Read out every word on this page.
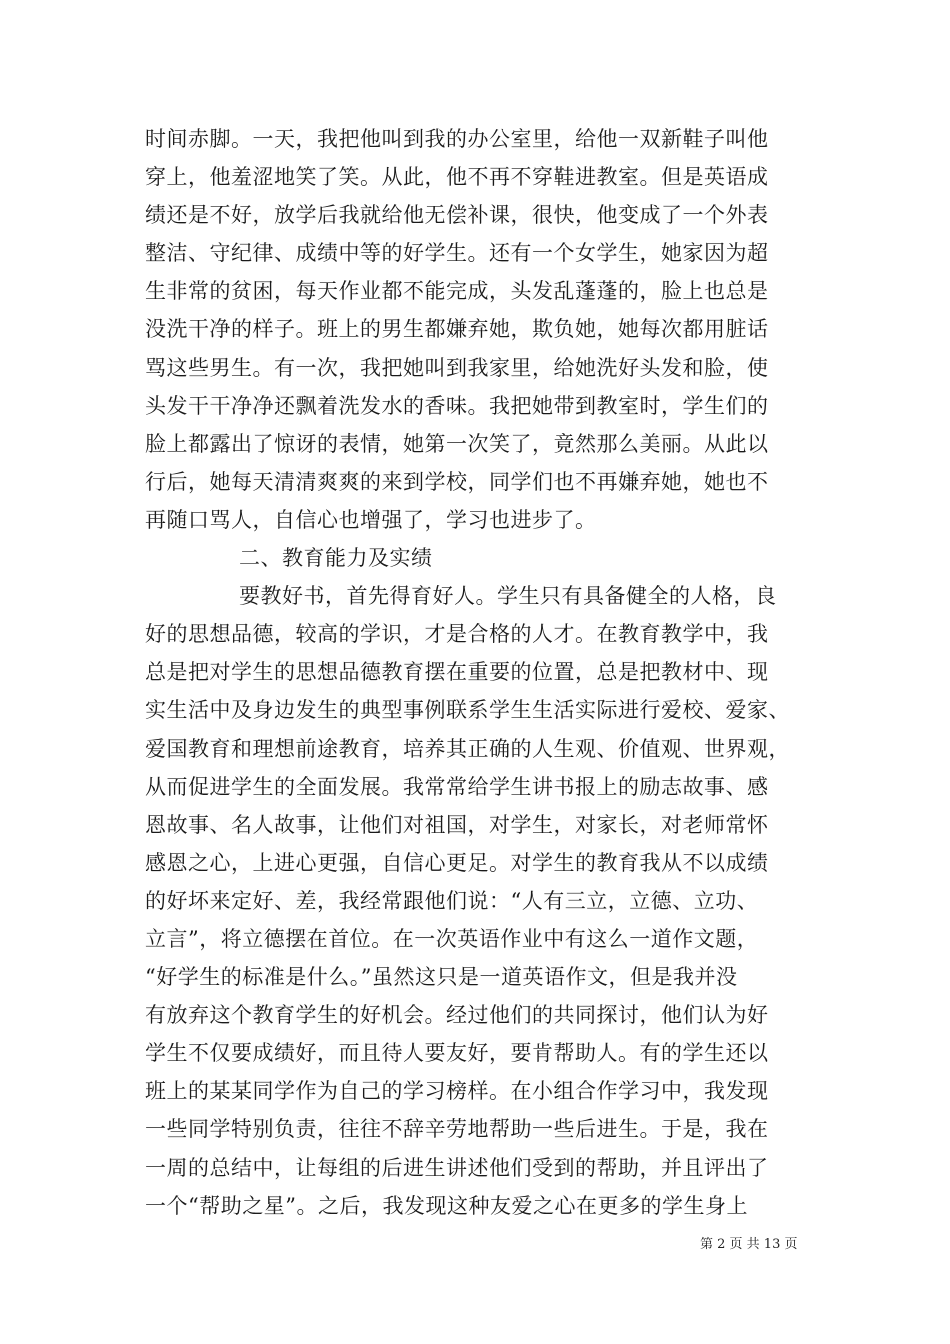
时间赤脚。一天，我把他叫到我的办公室里，给他一双新鞋子叫他
穿上，他羞涩地笑了笑。从此，他不再不穿鞋进教室。但是英语成
绩还是不好，放学后我就给他无偿补课，很快，他变成了一个外表
整洁、守纪律、成绩中等的好学生。还有一个女学生，她家因为超
生非常的贫困，每天作业都不能完成，头发乱蓬蓬的，脸上也总是
没洗干净的样子。班上的男生都嫌弃她，欺负她，她每次都用脏话
骂这些男生。有一次，我把她叫到我家里，给她洗好头发和脸，使
头发干干净净还飘着洗发水的香味。我把她带到教室时，学生们的
脸上都露出了惊讶的表情，她第一次笑了，竟然那么美丽。从此以
行后，她每天清清爽爽的来到学校，同学们也不再嫌弃她，她也不
再随口骂人，自信心也增强了，学习也进步了。
二、教育能力及实绩
要教好书，首先得育好人。学生只有具备健全的人格，良
好的思想品德，较高的学识，才是合格的人才。在教育教学中，我
总是把对学生的思想品德教育摆在重要的位置，总是把教材中、现
实生活中及身边发生的典型事例联系学生生活实际进行爱校、爱家、
爱国教育和理想前途教育，培养其正确的人生观、价值观、世界观，
从而促进学生的全面发展。我常常给学生讲书报上的励志故事、感
恩故事、名人故事，让他们对祖国，对学生，对家长，对老师常怀
感恩之心，上进心更强，自信心更足。对学生的教育我从不以成绩
的好坏来定好、差，我经常跟他们说：“人有三立，立德、立功、
立言”，将立德摆在首位。在一次英语作业中有这么一道作文题，
“好学生的标准是什么。”虽然这只是一道英语作文，但是我并没
有放弃这个教育学生的好机会。经过他们的共同探讨，他们认为好
学生不仅要成绩好，而且待人要友好，要肯帮助人。有的学生还以
班上的某某同学作为自己的学习榜样。在小组合作学习中，我发现
一些同学特别负责，往往不辞辛劳地帮助一些后进生。于是，我在
一周的总结中，让每组的后进生讲述他们受到的帮助，并且评出了
一个“帮助之星”。之后，我发现这种友爱之心在更多的学生身上
第 2 页 共 13 页
